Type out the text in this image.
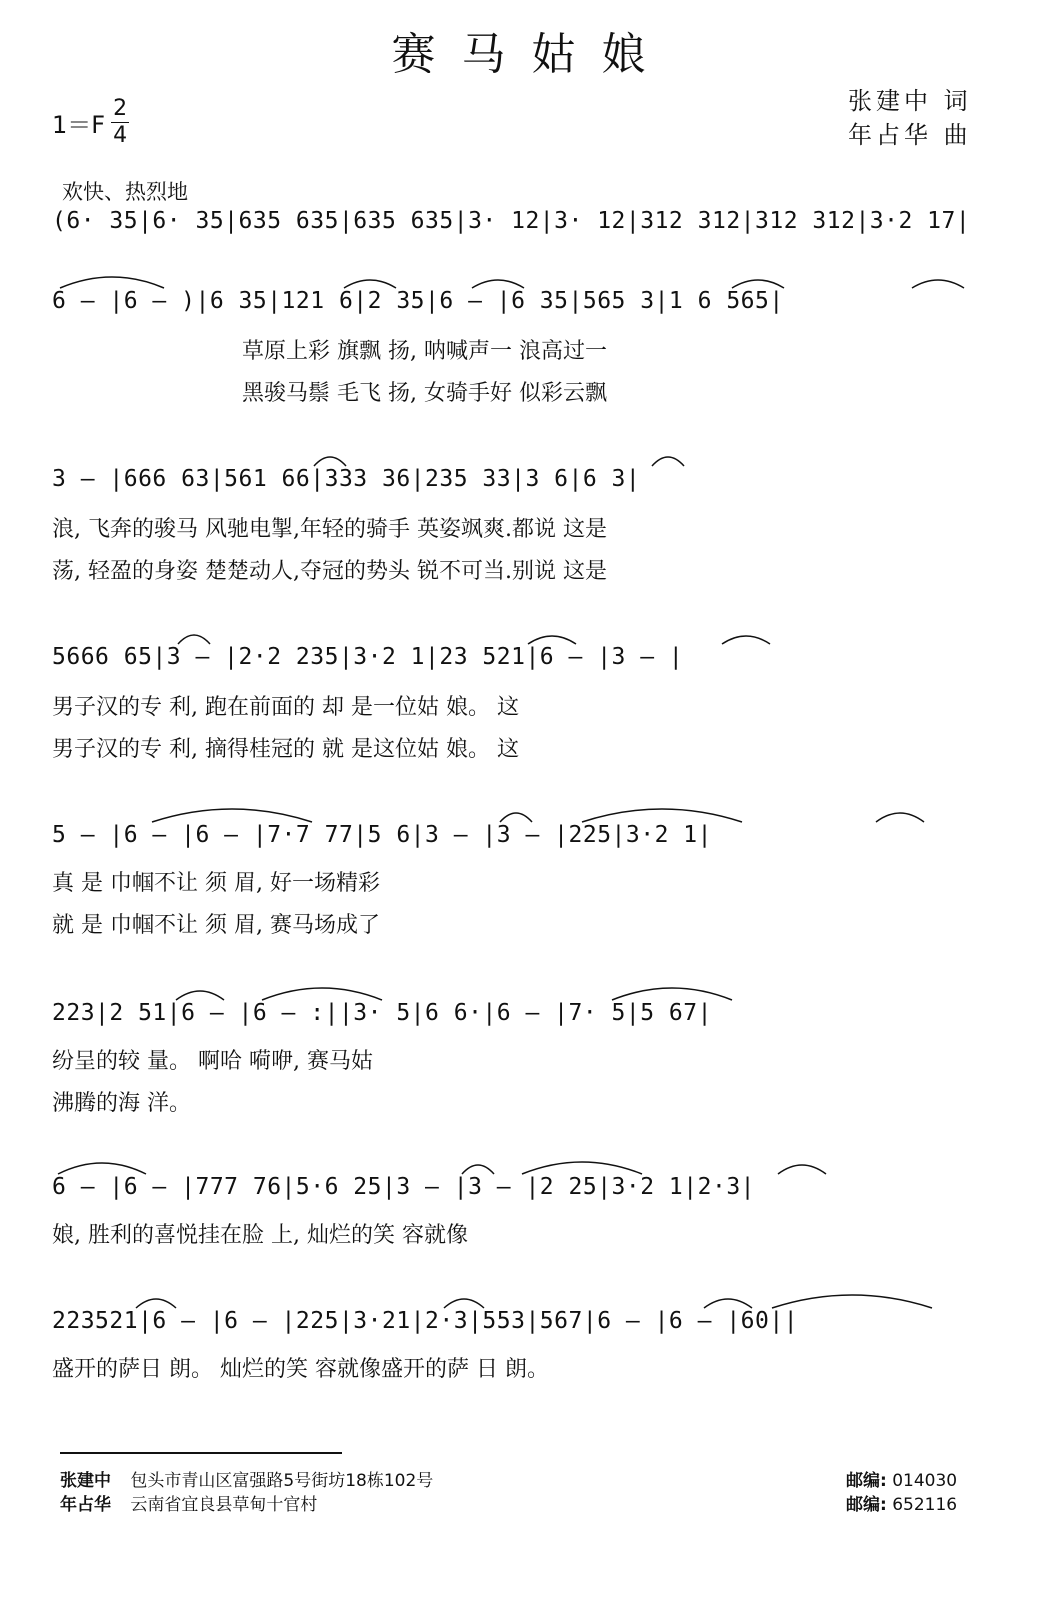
赛马姑娘
$1=F \frac{2}{4}$	张建中 词
年占华 曲
欢快、热烈地
(6· 35|6· 35|635 635|635 635|3· 12|3· 12|312 312|312 312|3·2 17|
6 — |6 — )|6 35|121 6|2 35|6 — |6 35|565 3|1 6 565|
草原上彩 旗飘 扬, 呐喊声一 浪高过一
黑骏马鬃 毛飞 扬, 女骑手好 似彩云飘
3 — |666 63|561 66|333 36|235 33|3 6|6 3|
浪, 飞奔的骏马 风驰电掣,年轻的骑手 英姿飒爽.都说 这是
荡, 轻盈的身姿 楚楚动人,夺冠的势头 锐不可当.别说 这是
5666 65|3 — |2·2 235|3·2 1|23 521|6 — |3 — |
男子汉的专 利, 跑在前面的 却 是一位姑 娘。 这
男子汉的专 利, 摘得桂冠的 就 是这位姑 娘。 这
5 — |6 — |6 — |7·7 77|5 6|3 — |3 — |225|3·2 1|
真 是 巾帼不让 须 眉, 好一场精彩
就 是 巾帼不让 须 眉, 赛马场成了
223|2 51|6 — |6 — :||3· 5|6 6·|6 — |7· 5|5 67|
纷呈的较 量。 啊哈 嗬咿, 赛马姑
沸腾的海 洋。
6 — |6 — |777 76|5·6 25|3 — |3 — |2 25|3·2 1|2·3|
娘, 胜利的喜悦挂在脸 上, 灿烂的笑 容就像
223521|6 — |6 — |225|3·21|2·3|553|567|6 — |6 — |60||
盛开的萨日 朗。 灿烂的笑 容就像盛开的萨 日 朗。
张建中 包头市青山区富强路5号街坊18栋102号	邮编: 014030
年占华 云南省宜良县草甸十官村	邮编: 652116
